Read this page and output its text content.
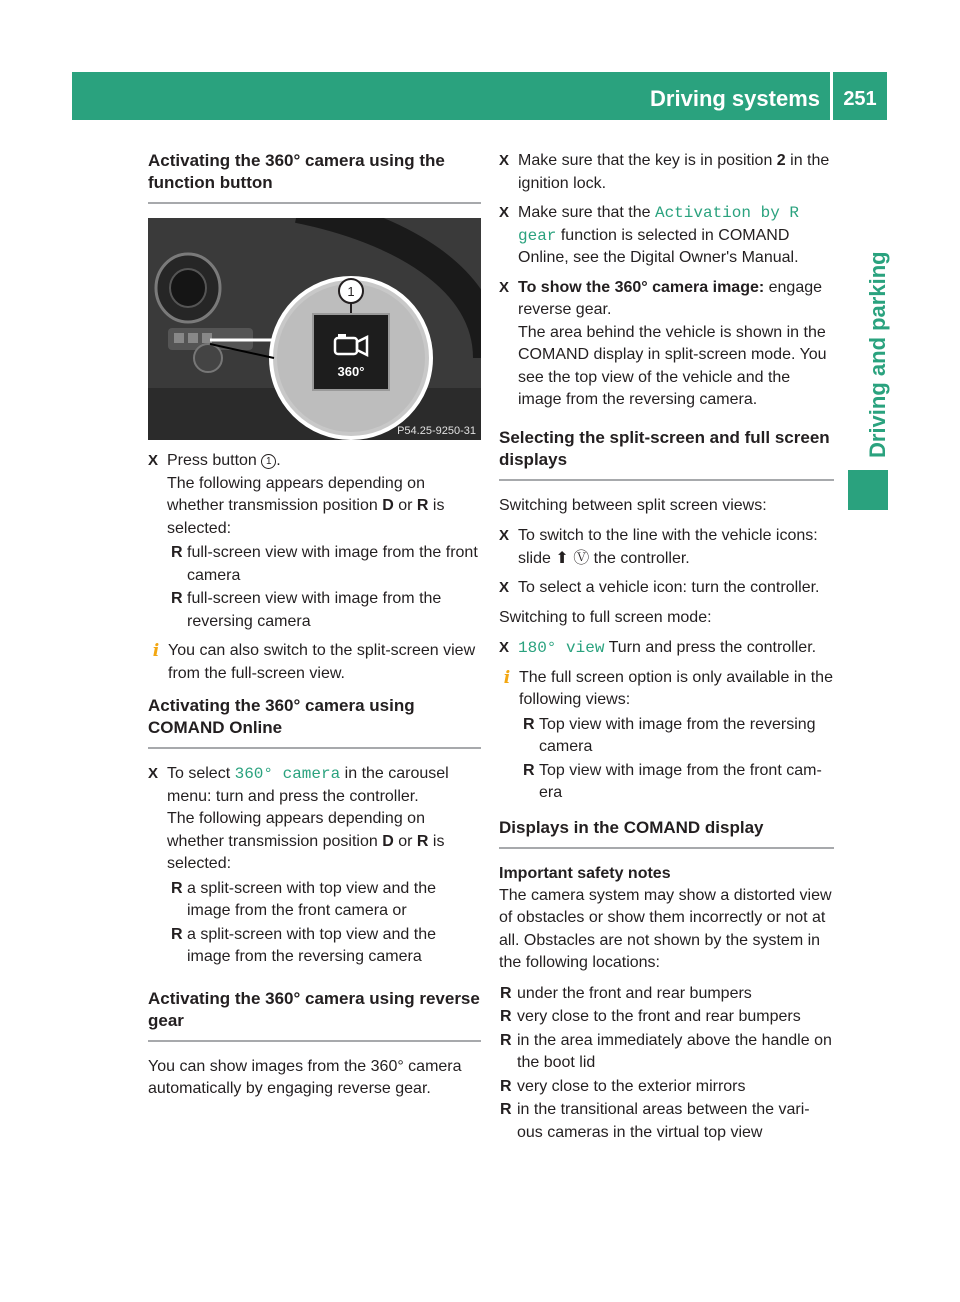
Driving systems 251
Driving and parking
Activating the 360° camera using the function button
1
360°
P54.25-9250-31
X Press button 1 .
The following appears depending on whether transmission position D or R is selected:
R full-screen view with image from the front camera
R full-screen view with image from the reversing camera
i You can also switch to the split-screen view from the full-screen view.
Activating the 360° camera using COMAND Online
X To select 360° camera in the carousel menu: turn and press the controller.
The following appears depending on whether transmission position D or R is selected:
R a split-screen with top view and the image from the front camera or
R a split-screen with top view and the image from the reversing camera
Activating the 360° camera using reverse gear

You can show images from the 360° camera automatically by engaging reverse gear.

X Make sure that the key is in position 2 in the ignition lock.
X Make sure that the Activation by R gear function is selected in COMAND Online, see the Digital Owner's Manual.
X To show the 360° camera image: engage reverse gear.
The area behind the vehicle is shown in the COMAND display in split-screen mode. You see the top view of the vehicle and the image from the reversing camera.
Selecting the split-screen and full screen displays

Switching between split screen views:

X To switch to the line with the vehicle icons: slide ⬆︎ Ⓥ the controller.
X To select a vehicle icon: turn the controller.

Switching to full screen mode:

X 180° view Turn and press the controller.
i The full screen option is only available in the following views:
R Top view with image from the reversing camera
R Top view with image from the front cam- era
Displays in the COMAND display
Important safety notes

The camera system may show a distorted view of obstacles or show them incorrectly or not at all. Obstacles are not shown by the system in the following locations:

R under the front and rear bumpers
R very close to the front and rear bumpers
R in the area immediately above the handle on the boot lid
R very close to the exterior mirrors
R in the transitional areas between the vari- ous cameras in the virtual top view
